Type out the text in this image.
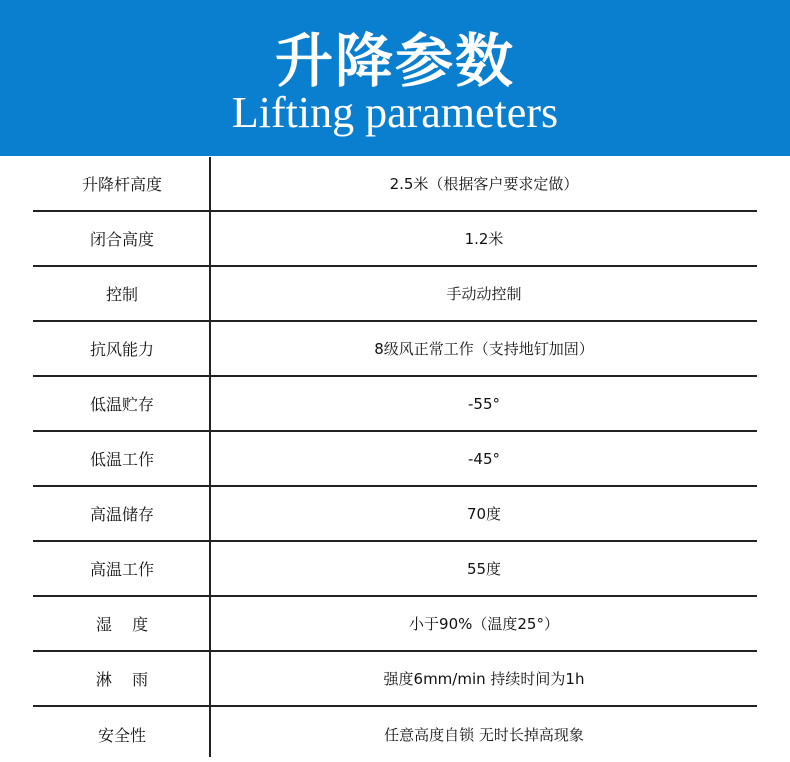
升降参数
Lifting parameters
升降杆高度	2.5米（根据客户要求定做）
闭合高度	1.2米
控制	手动动控制
抗风能力	8级风正常工作（支持地钉加固）
低温贮存	-55°
低温工作	-45°
高温储存	70度
高温工作	55度
湿    度	小于90%（温度25°）
淋    雨	强度6mm/min 持续时间为1h
安全性	任意高度自锁 无时长掉高现象
